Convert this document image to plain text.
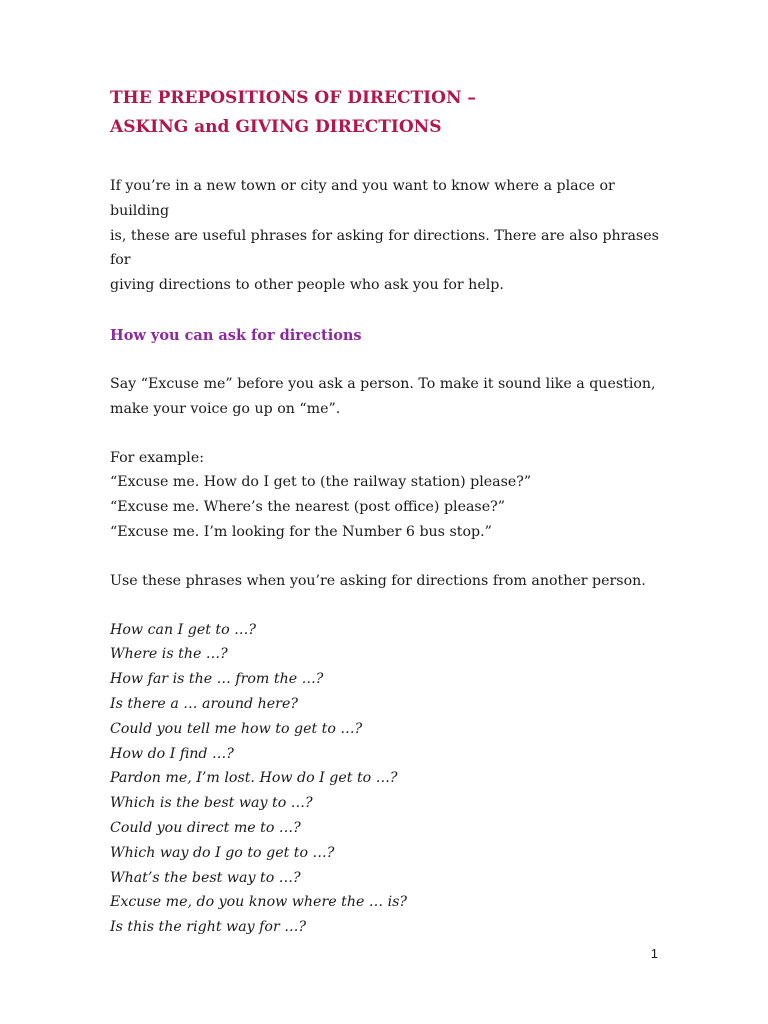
THE PREPOSITIONS OF DIRECTION –
ASKING and GIVING DIRECTIONS
If you’re in a new town or city and you want to know where a place or building
is, these are useful phrases for asking for directions. There are also phrases for
giving directions to other people who ask you for help.
How you can ask for directions
Say “Excuse me” before you ask a person. To make it sound like a question,
make your voice go up on “me”.
For example:
“Excuse me. How do I get to (the railway station) please?”
“Excuse me. Where’s the nearest (post office) please?”
“Excuse me. I’m looking for the Number 6 bus stop.”
Use these phrases when you’re asking for directions from another person.
How can I get to …?
Where is the …?
How far is the … from the …?
Is there a … around here?
Could you tell me how to get to …?
How do I find …?
Pardon me, I’m lost. How do I get to …?
Which is the best way to …?
Could you direct me to …?
Which way do I go to get to …?
What’s the best way to …?
Excuse me, do you know where the … is?
Is this the right way for …?
1
